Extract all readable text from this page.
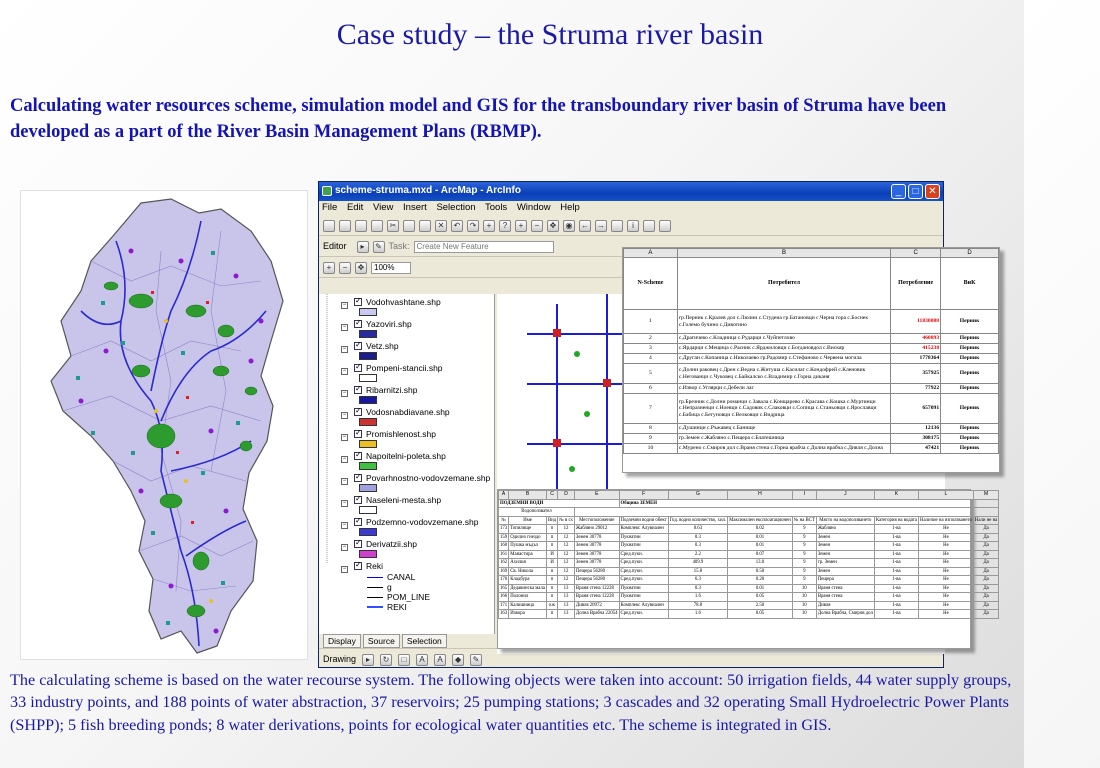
Case study – the Struma river basin
Calculating water resources scheme, simulation model and GIS for the transboundary river basin of Struma have been developed as a part of the River Basin Management Plans (RBMP).
scheme-struma.mxd - ArcMap - ArcInfo	_	□ ✕
File Edit View Insert Selection Tools Window Help
✂	✕	↶	↷	+	?	+	−	✥	◉	← →	i
Editor	▸	✎ Task: Create New Feature
+	−	✥	100%
− ✓ Vodohvashtane.shp
− ✓ Yazoviri.shp
− ✓ Vetz.shp
− ✓ Pompeni-stancii.shp
− ✓ Ribarnitzi.shp
− ✓ Vodosnabdiavane.shp
− ✓ Promishlenost.shp
− ✓ Napoitelni-poleta.shp
− ✓ Povarhnostno-vodovzemane.shp
− ✓ Naseleni-mesta.shp
− ✓ Podzemno-vodovzemane.shp
− ✓ Derivatzii.shp
− ✓ Reki
CANAL
g
POM_LINE
REKI
Display	Source	Selection
Drawing	▸	↻	□	A	A	◆	✎
A	B	C	D
N-Scheme	Потребител	Потребление	ВиК
1	гр.Перник с.Кралев дол с.Люлин с.Студена гр.Батановци с.Черна гора с.Боснек с.Големо бучино с.Дивотино	11830088	Перник
2	с.Драгичево с.Кладница с.Рударци с.Чуйпетлово	460893	Перник
3	с.Ярдарци с.Мещица с.Расник с.Ярджиловци с.Богдановдол с.Вискяр	415238	Перник
4	с.Друган с.Копаница с.Николаево гр.Радомир с.Стефаново с.Червена могила	1778364	Перник
5	с.Долни раковец с.Дрен с.Ведна с.Житуша с.Касилаг с.Кондофрей с.Кленовик с.Негованци с.Чуковец с.Байкалско с.Владимир с.Горна диканя	357925	Перник
6	с.Извор с.Углярци с.Дебели лаг	77922	Перник
7	гр.Брезник с.Долни романци с.Завала с.Конщарево с.Красава с.Кошка с.Муртинци с.Непразненци с.Ноевци с.Садовик с.Слаковци с.Сопица с.Станьовци с.Ярославци с.Бабица с.Бегуновци с.Велковци с.Видрица	657091	Перник
8	с.Душинци с.Ръжавец с.Банище	12136	Перник
9	гр.Земен с.Жабляно с.Пещера с.Блатешница	308175	Перник
10	с.Мурено с.Смиров дол с.Враня стена с.Горна врабча с.Долна врабча с.Дивля с.Долна	47421	Перник
A	B	C	D	E	F	G	H	I	J	K	L	M
ПОДЗЕМНИ ВОДИ					Община ЗЕМЕН							
Водоползвател												
№	Име	Вид	№ в сх	Местоположение	Подземни водни обект	Год. водно количество, хил.	Максимален експлоатационен	№ на ВСТ	Място на водоползването	Категория на водата	Наличие на използването	Нали не на
173	Топилище	п	12	Жабляно 29012	Комплекс Алувиален	0.63	0.02	9	Жабляно	1-ва	Не	Да
159	Одилио гнездо	п	12	Земен 30778	Пукнатин	0.3	0.01	9	Земен	1-ва	Не	Да
160	Пушка мъдъл	п	12	Земен 30778	Пукнатин	0.3	0.01	9	Земен	1-ва	Не	Да
161	Манастира	И	12	Земен 30778	Сред.пукн.	2.2	0.07	9	Земен	1-ва	Не	Да
162	Ахилия	И	12	Земен 30778	Сред.пукн.	409.9	13.0	9	гр. Земен	1-ва	Не	Да
169	Св. Никола	п	12	Пещера 56280	Сред.пукн.	15.8	0.50	9	Земен	1-ва	Не	Да
170	Кладбура	п	12	Пещера 56280	Сред.пукн.	6.3	0.20	9	Пещера	1-ва	Не	Да
165	Дедавинска мала	п	13	Враня стена 12228	Пукнатин	0.3	0.01	10	Враня стена	1-ва	Не	Да
166	Полонил	п	13	Враня стена 12228	Пукнатин	1.6	0.05	10	Враня стена	1-ва	Не	Да
171	Калишница	кж	13	Дивля 20972	Комплекс Алувиален	78.8	2.50	10	Дивля	1-ва	Не	Да
163	Извора	п	13	Долна Врабча 22054	Сред.пукн.	1.6	0.05	10	Долна Врабча, Смиров дол	1-ва	Не	Да
The calculating scheme is based on the water recourse system. The following objects were taken into account: 50 irrigation fields, 44 water supply groups, 33 industry points, and 188 points of water abstraction, 37 reservoirs; 25 pumping stations; 3 cascades and 32 operating Small Hydroelectric Power Plants (SHPP); 5 fish breeding ponds; 8 water derivations, points for ecological water quantities etc. The scheme is integrated in GIS.
